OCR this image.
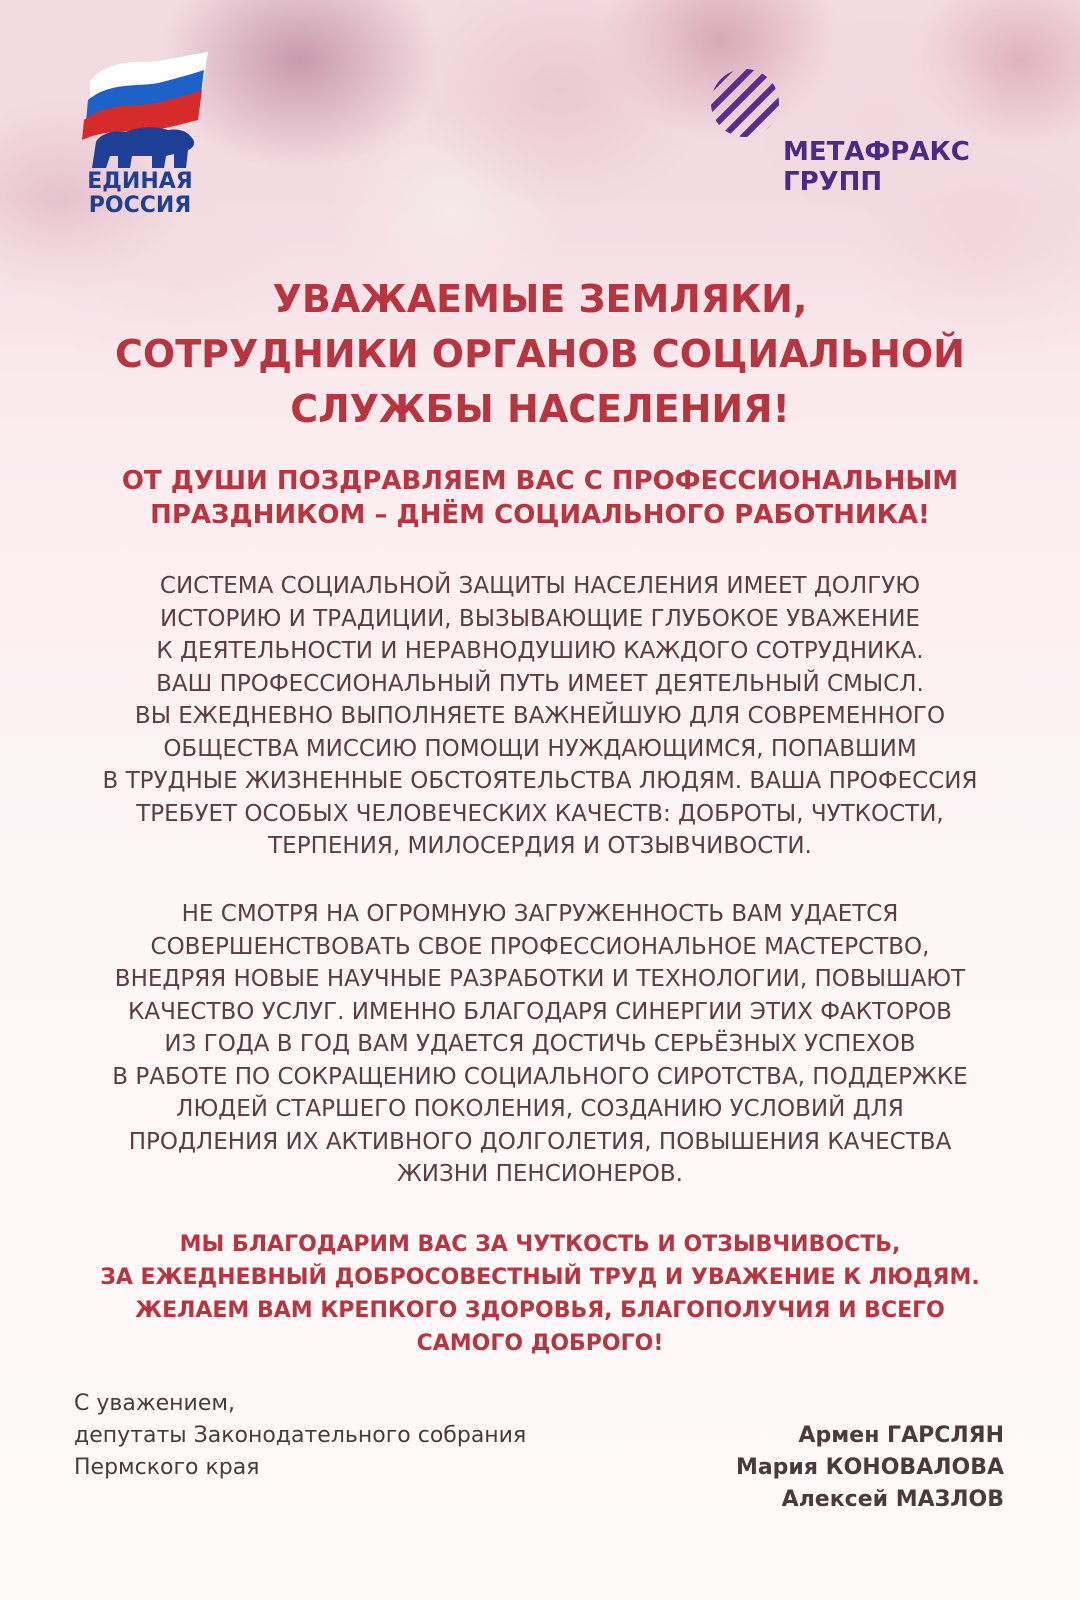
ЕДИНАЯ
РОССИЯ
МЕТАФРАКС
ГРУПП
УВАЖАЕМЫЕ ЗЕМЛЯКИ,
СОТРУДНИКИ ОРГАНОВ СОЦИАЛЬНОЙ
СЛУЖБЫ НАСЕЛЕНИЯ!

ОТ ДУШИ ПОЗДРАВЛЯЕМ ВАС С ПРОФЕССИОНАЛЬНЫМ
ПРАЗДНИКОМ – ДНЁМ СОЦИАЛЬНОГО РАБОТНИКА!

СИСТЕМА СОЦИАЛЬНОЙ ЗАЩИТЫ НАСЕЛЕНИЯ ИМЕЕТ ДОЛГУЮ
ИСТОРИЮ И ТРАДИЦИИ, ВЫЗЫВАЮЩИЕ ГЛУБОКОЕ УВАЖЕНИЕ
К ДЕЯТЕЛЬНОСТИ И НЕРАВНОДУШИЮ КАЖДОГО СОТРУДНИКА.
ВАШ ПРОФЕССИОНАЛЬНЫЙ ПУТЬ ИМЕЕТ ДЕЯТЕЛЬНЫЙ СМЫСЛ.
ВЫ ЕЖЕДНЕВНО ВЫПОЛНЯЕТЕ ВАЖНЕЙШУЮ ДЛЯ СОВРЕМЕННОГО
ОБЩЕСТВА МИССИЮ ПОМОЩИ НУЖДАЮЩИМСЯ, ПОПАВШИМ
В ТРУДНЫЕ ЖИЗНЕННЫЕ ОБСТОЯТЕЛЬСТВА ЛЮДЯМ. ВАША ПРОФЕССИЯ
ТРЕБУЕТ ОСОБЫХ ЧЕЛОВЕЧЕСКИХ КАЧЕСТВ: ДОБРОТЫ, ЧУТКОСТИ,
ТЕРПЕНИЯ, МИЛОСЕРДИЯ И ОТЗЫВЧИВОСТИ.

НЕ СМОТРЯ НА ОГРОМНУЮ ЗАГРУЖЕННОСТЬ ВАМ УДАЕТСЯ
СОВЕРШЕНСТВОВАТЬ СВОЕ ПРОФЕССИОНАЛЬНОЕ МАСТЕРСТВО,
ВНЕДРЯЯ НОВЫЕ НАУЧНЫЕ РАЗРАБОТКИ И ТЕХНОЛОГИИ, ПОВЫШАЮТ
КАЧЕСТВО УСЛУГ. ИМЕННО БЛАГОДАРЯ СИНЕРГИИ ЭТИХ ФАКТОРОВ
ИЗ ГОДА В ГОД ВАМ УДАЕТСЯ ДОСТИЧЬ СЕРЬЁЗНЫХ УСПЕХОВ
В РАБОТЕ ПО СОКРАЩЕНИЮ СОЦИАЛЬНОГО СИРОТСТВА, ПОДДЕРЖКЕ
ЛЮДЕЙ СТАРШЕГО ПОКОЛЕНИЯ, СОЗДАНИЮ УСЛОВИЙ ДЛЯ
ПРОДЛЕНИЯ ИХ АКТИВНОГО ДОЛГОЛЕТИЯ, ПОВЫШЕНИЯ КАЧЕСТВА
ЖИЗНИ ПЕНСИОНЕРОВ.

МЫ БЛАГОДАРИМ ВАС ЗА ЧУТКОСТЬ И ОТЗЫВЧИВОСТЬ,
ЗА ЕЖЕДНЕВНЫЙ ДОБРОСОВЕСТНЫЙ ТРУД И УВАЖЕНИЕ К ЛЮДЯМ.
ЖЕЛАЕМ ВАМ КРЕПКОГО ЗДОРОВЬЯ, БЛАГОПОЛУЧИЯ И ВСЕГО
САМОГО ДОБРОГО!

С уважением,
депутаты Законодательного собрания
Пермского края

Армен ГАРСЛЯН
Мария КОНОВАЛОВА
Алексей МАЗЛОВ
